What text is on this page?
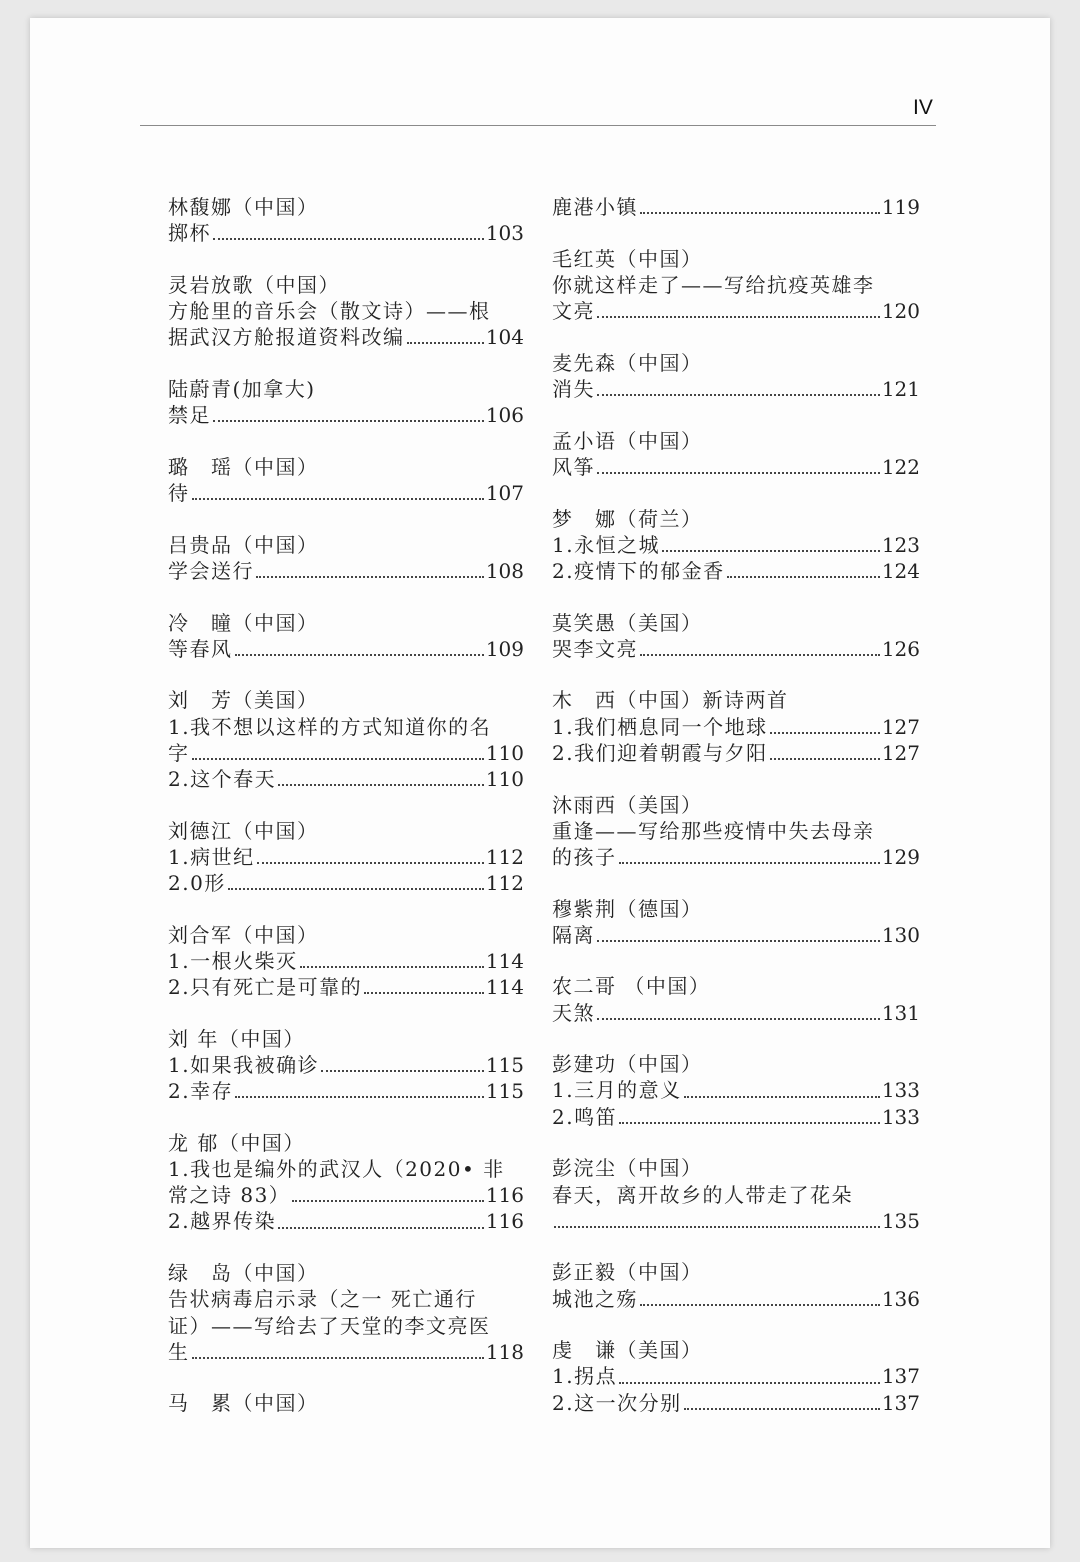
IV
林馥娜（中国）
掷杯	103
灵岩放歌（中国）
方舱里的音乐会（散文诗）——根
据武汉方舱报道资料改编	104
陆蔚青(加拿大)
禁足	106
璐　瑶（中国）
待	107
吕贵品（中国）
学会送行	108
冷　瞳（中国）
等春风	109
刘　芳（美国）
1.我不想以这样的方式知道你的名
字	110
2.这个春天	110
刘德江（中国）
1.病世纪	112
2.0形	112
刘合军（中国）
1.一根火柴灭	114
2.只有死亡是可靠的	114
刘 年（中国）
1.如果我被确诊	115
2.幸存	115
龙 郁（中国）
1.我也是编外的武汉人（2020• 非
常之诗 83）	116
2.越界传染	116
绿　岛（中国）
告状病毒启示录（之一 死亡通行
证）——写给去了天堂的李文亮医
生	118
马　累（中国）
鹿港小镇	119
毛红英（中国）
你就这样走了——写给抗疫英雄李
文亮	120
麦先森（中国）
消失	121
孟小语（中国）
风筝	122
梦　娜（荷兰）
1.永恒之城	123
2.疫情下的郁金香	124
莫笑愚（美国）
哭李文亮	126
木　西（中国）新诗两首
1.我们栖息同一个地球	127
2.我们迎着朝霞与夕阳	127
沐雨西（美国）
重逢——写给那些疫情中失去母亲
的孩子	129
穆紫荆（德国）
隔离	130
农二哥 （中国）
天煞	131
彭建功（中国）
1.三月的意义	133
2.鸣笛	133
彭浣尘（中国）
春天，离开故乡的人带走了花朵
135
彭正毅（中国）
城池之殇	136
虔　谦（美国）
1.拐点	137
2.这一次分别	137
